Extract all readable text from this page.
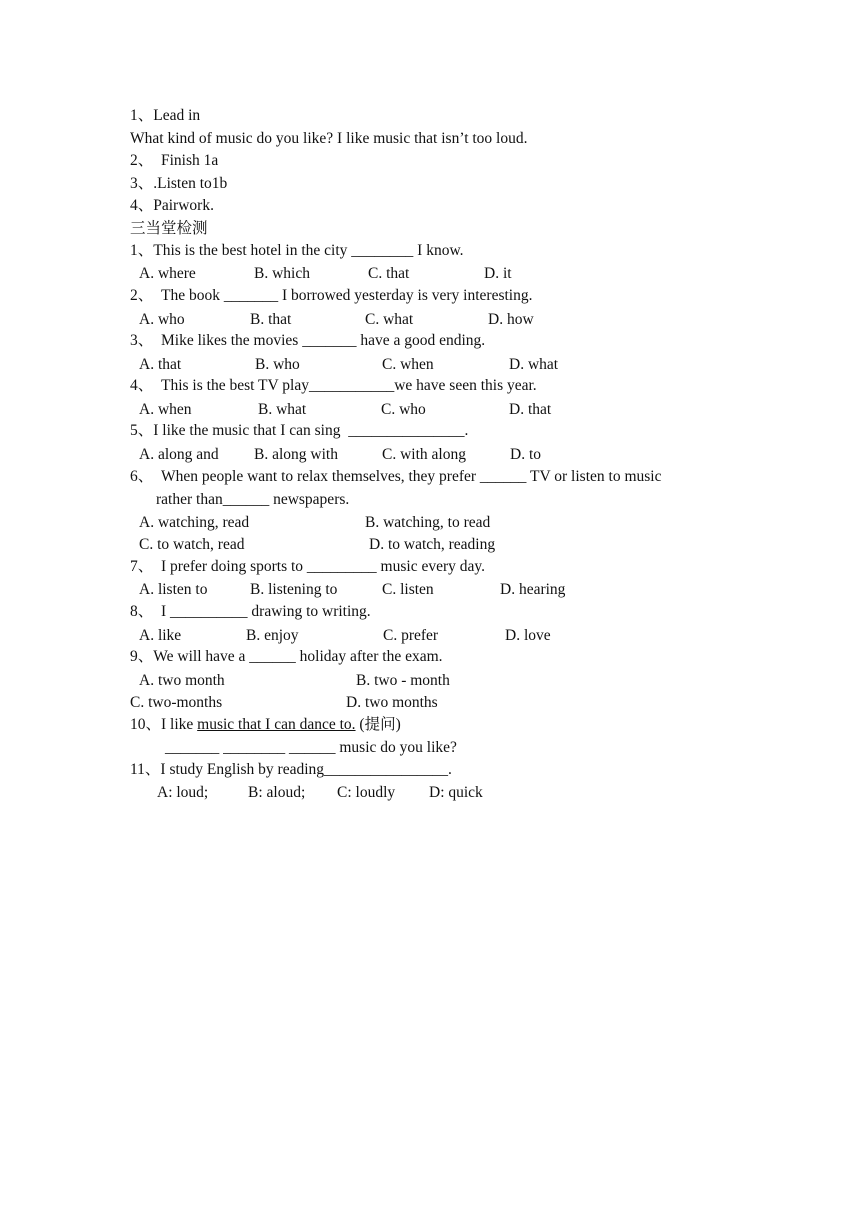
1、Lead in
What kind of music do you like? I like music that isn’t too loud.
2、  Finish 1a
3、.Listen to1b
4、Pairwork.
三当堂检测
1、This is the best hotel in the city ________ I know.
A. where	B. which	C. that	D. it
2、  The book _______ I borrowed yesterday is very interesting.
A. who	B. that	C. what	D. how
3、  Mike likes the movies _______ have a good ending.
A. that	B. who	C. when	D. what
4、  This is the best TV play___________we have seen this year.
A. when	B. what	C. who	D. that
5、I like the music that I can sing  _______________.
A. along and B. along with	C. with along	D. to
6、  When people want to relax themselves, they prefer ______ TV or listen to music
rather than______ newspapers.
A. watching, read	B. watching, to read
C. to watch, read	D. to watch, reading
7、  I prefer doing sports to _________ music every day.
A. listen to	B. listening to	C. listen	D. hearing
8、  I __________ drawing to writing.
A. like	B. enjoy	C. prefer	D. love
9、We will have a ______ holiday after the exam.
A. two month	B. two - month
C. two-months	D. two months
10、I like music that I can dance to. (提问)
_______ ________ ______ music do you like?
11、I study English by reading________________.
A: loud;	B: aloud; C: loudly D: quick
